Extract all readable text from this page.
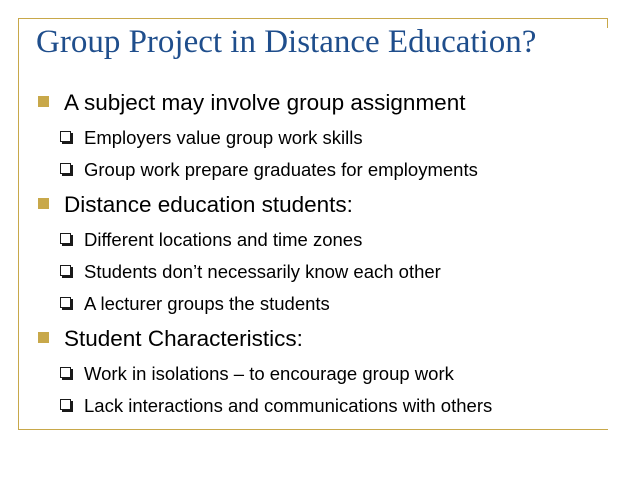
Group Project in Distance Education?
A subject may involve group assignment
Employers value group work skills
Group work prepare graduates for employments
Distance education students:
Different locations and time zones
Students don’t necessarily know each other
A lecturer groups the students
Student Characteristics:
Work in isolations – to encourage group work
Lack interactions and communications with others
